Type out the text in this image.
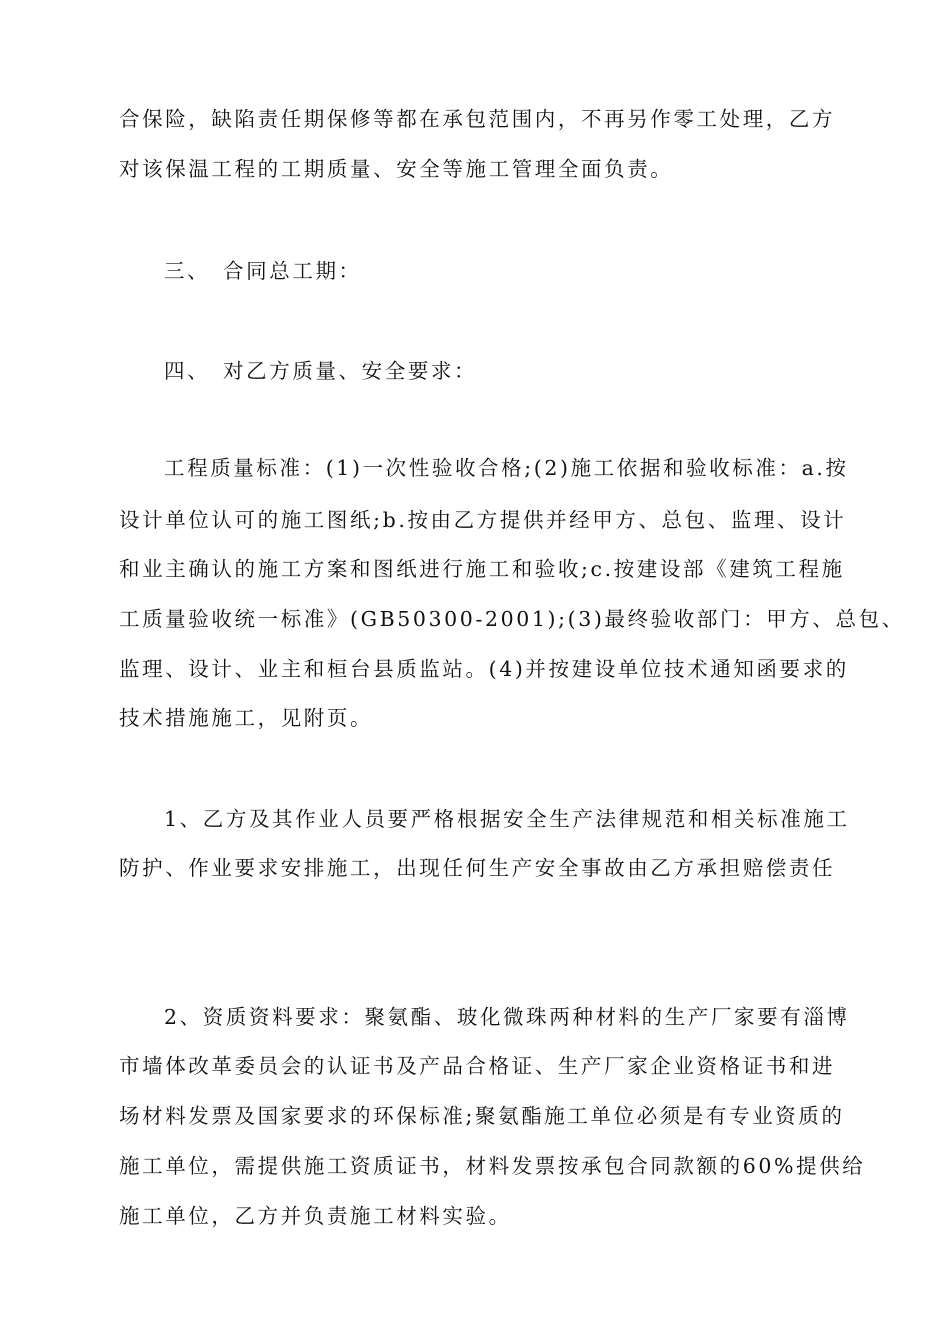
合保险，缺陷责任期保修等都在承包范围内，不再另作零工处理，乙方
对该保温工程的工期质量、安全等施工管理全面负责。
三、　合同总工期：
四、　对乙方质量、安全要求：
工程质量标准：(1)一次性验收合格;(2)施工依据和验收标准：a.按
设计单位认可的施工图纸;b.按由乙方提供并经甲方、总包、监理、设计
和业主确认的施工方案和图纸进行施工和验收;c.按建设部《建筑工程施
工质量验收统一标准》(GB50300-2001);(3)最终验收部门：甲方、总包、
监理、设计、业主和桓台县质监站。(4)并按建设单位技术通知函要求的
技术措施施工，见附页。
1、乙方及其作业人员要严格根据安全生产法律规范和相关标准施工
防护、作业要求安排施工，出现任何生产安全事故由乙方承担赔偿责任
2、资质资料要求：聚氨酯、玻化微珠两种材料的生产厂家要有淄博
市墙体改革委员会的认证书及产品合格证、生产厂家企业资格证书和进
场材料发票及国家要求的环保标准;聚氨酯施工单位必须是有专业资质的
施工单位，需提供施工资质证书，材料发票按承包合同款额的60%提供给
施工单位，乙方并负责施工材料实验。
